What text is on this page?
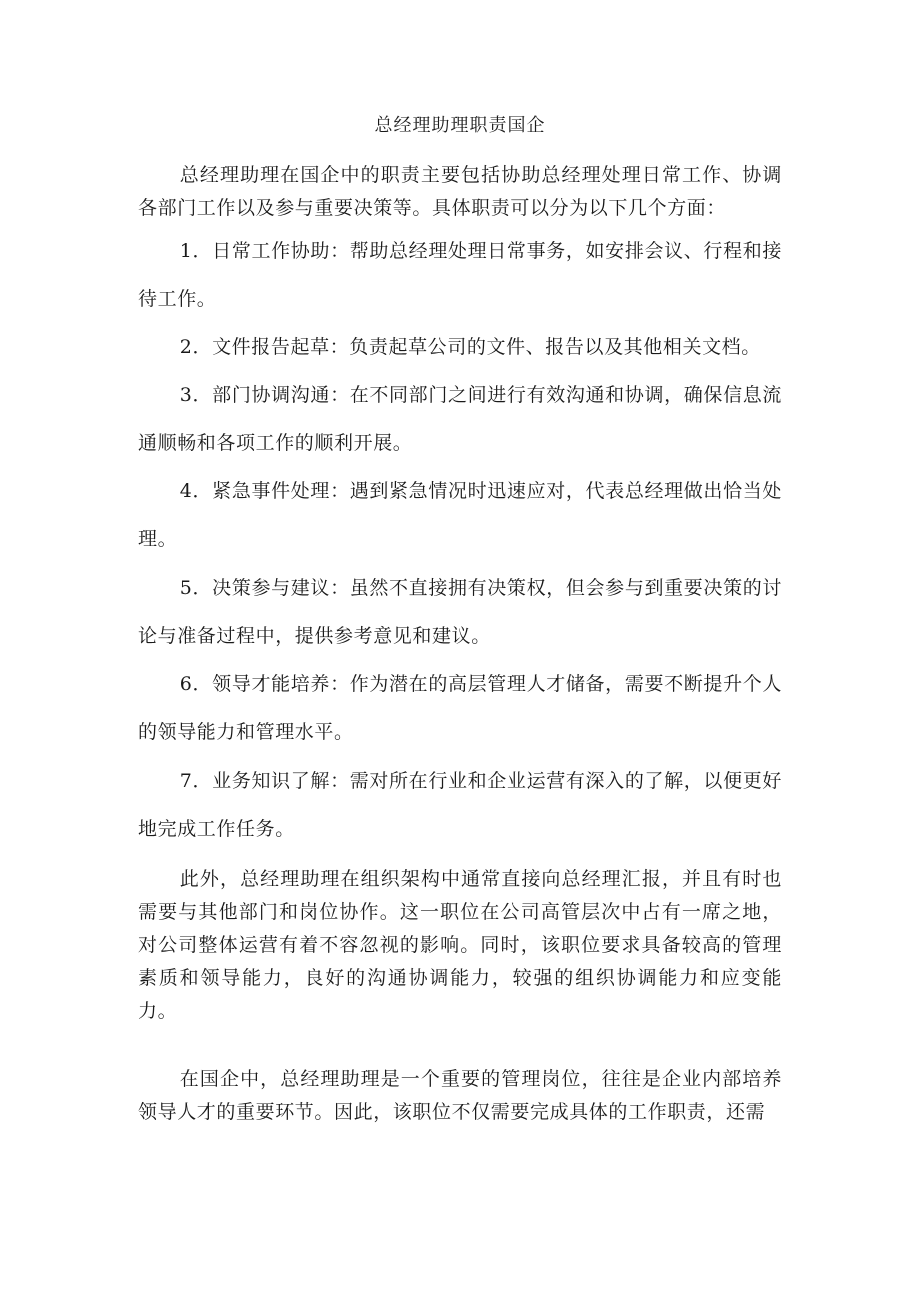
总经理助理职责国企

总经理助理在国企中的职责主要包括协助总经理处理日常工作、协调各部门工作以及参与重要决策等。具体职责可以分为以下几个方面：

1．日常工作协助：帮助总经理处理日常事务，如安排会议、行程和接待工作。

2．文件报告起草：负责起草公司的文件、报告以及其他相关文档。

3．部门协调沟通：在不同部门之间进行有效沟通和协调，确保信息流通顺畅和各项工作的顺利开展。

4．紧急事件处理：遇到紧急情况时迅速应对，代表总经理做出恰当处理。

5．决策参与建议：虽然不直接拥有决策权，但会参与到重要决策的讨论与准备过程中，提供参考意见和建议。

6．领导才能培养：作为潜在的高层管理人才储备，需要不断提升个人的领导能力和管理水平。

7．业务知识了解：需对所在行业和企业运营有深入的了解，以便更好地完成工作任务。

此外，总经理助理在组织架构中通常直接向总经理汇报，并且有时也需要与其他部门和岗位协作。这一职位在公司高管层次中占有一席之地，对公司整体运营有着不容忽视的影响。同时，该职位要求具备较高的管理素质和领导能力，良好的沟通协调能力，较强的组织协调能力和应变能力。

在国企中，总经理助理是一个重要的管理岗位，往往是企业内部培养领导人才的重要环节。因此，该职位不仅需要完成具体的工作职责，还需
